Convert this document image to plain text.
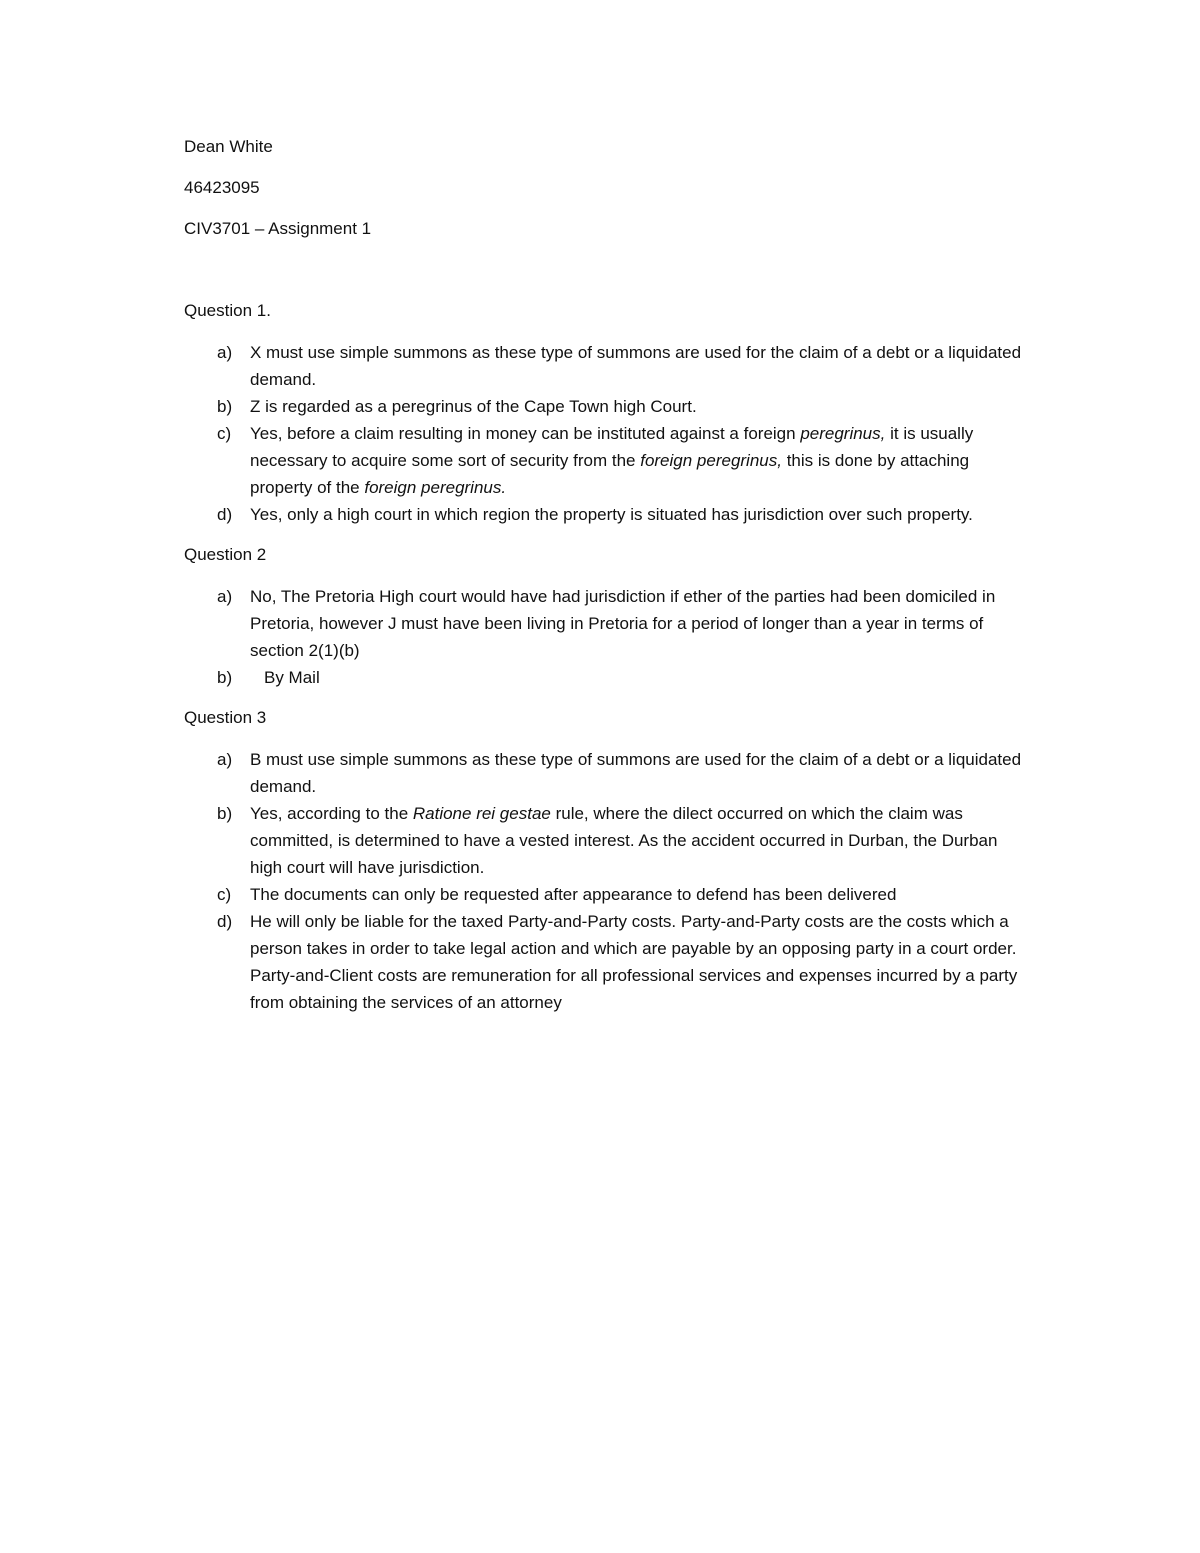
Dean White

46423095

CIV3701 – Assignment 1

Question 1.

a) X must use simple summons as these type of summons are used for the claim of a debt or a liquidated demand.
b) Z is regarded as a peregrinus of the Cape Town high Court.
c) Yes, before a claim resulting in money can be instituted against a foreign peregrinus, it is usually necessary to acquire some sort of security from the foreign peregrinus, this is done by attaching property of the foreign peregrinus.
d) Yes, only a high court in which region the property is situated has jurisdiction over such property.

Question 2

a) No, The Pretoria High court would have had jurisdiction if ether of the parties had been domiciled in Pretoria, however J must have been living in Pretoria for a period of longer than a year in terms of section 2(1)(b)
b) By Mail

Question 3

a) B must use simple summons as these type of summons are used for the claim of a debt or a liquidated demand.
b) Yes, according to the Ratione rei gestae rule, where the dilect occurred on which the claim was committed, is determined to have a vested interest. As the accident occurred in Durban, the Durban high court will have jurisdiction.
c) The documents can only be requested after appearance to defend has been delivered
d) He will only be liable for the taxed Party-and-Party costs. Party-and-Party costs are the costs which a person takes in order to take legal action and which are payable by an opposing party in a court order. Party-and-Client costs are remuneration for all professional services and expenses incurred by a party from obtaining the services of an attorney
